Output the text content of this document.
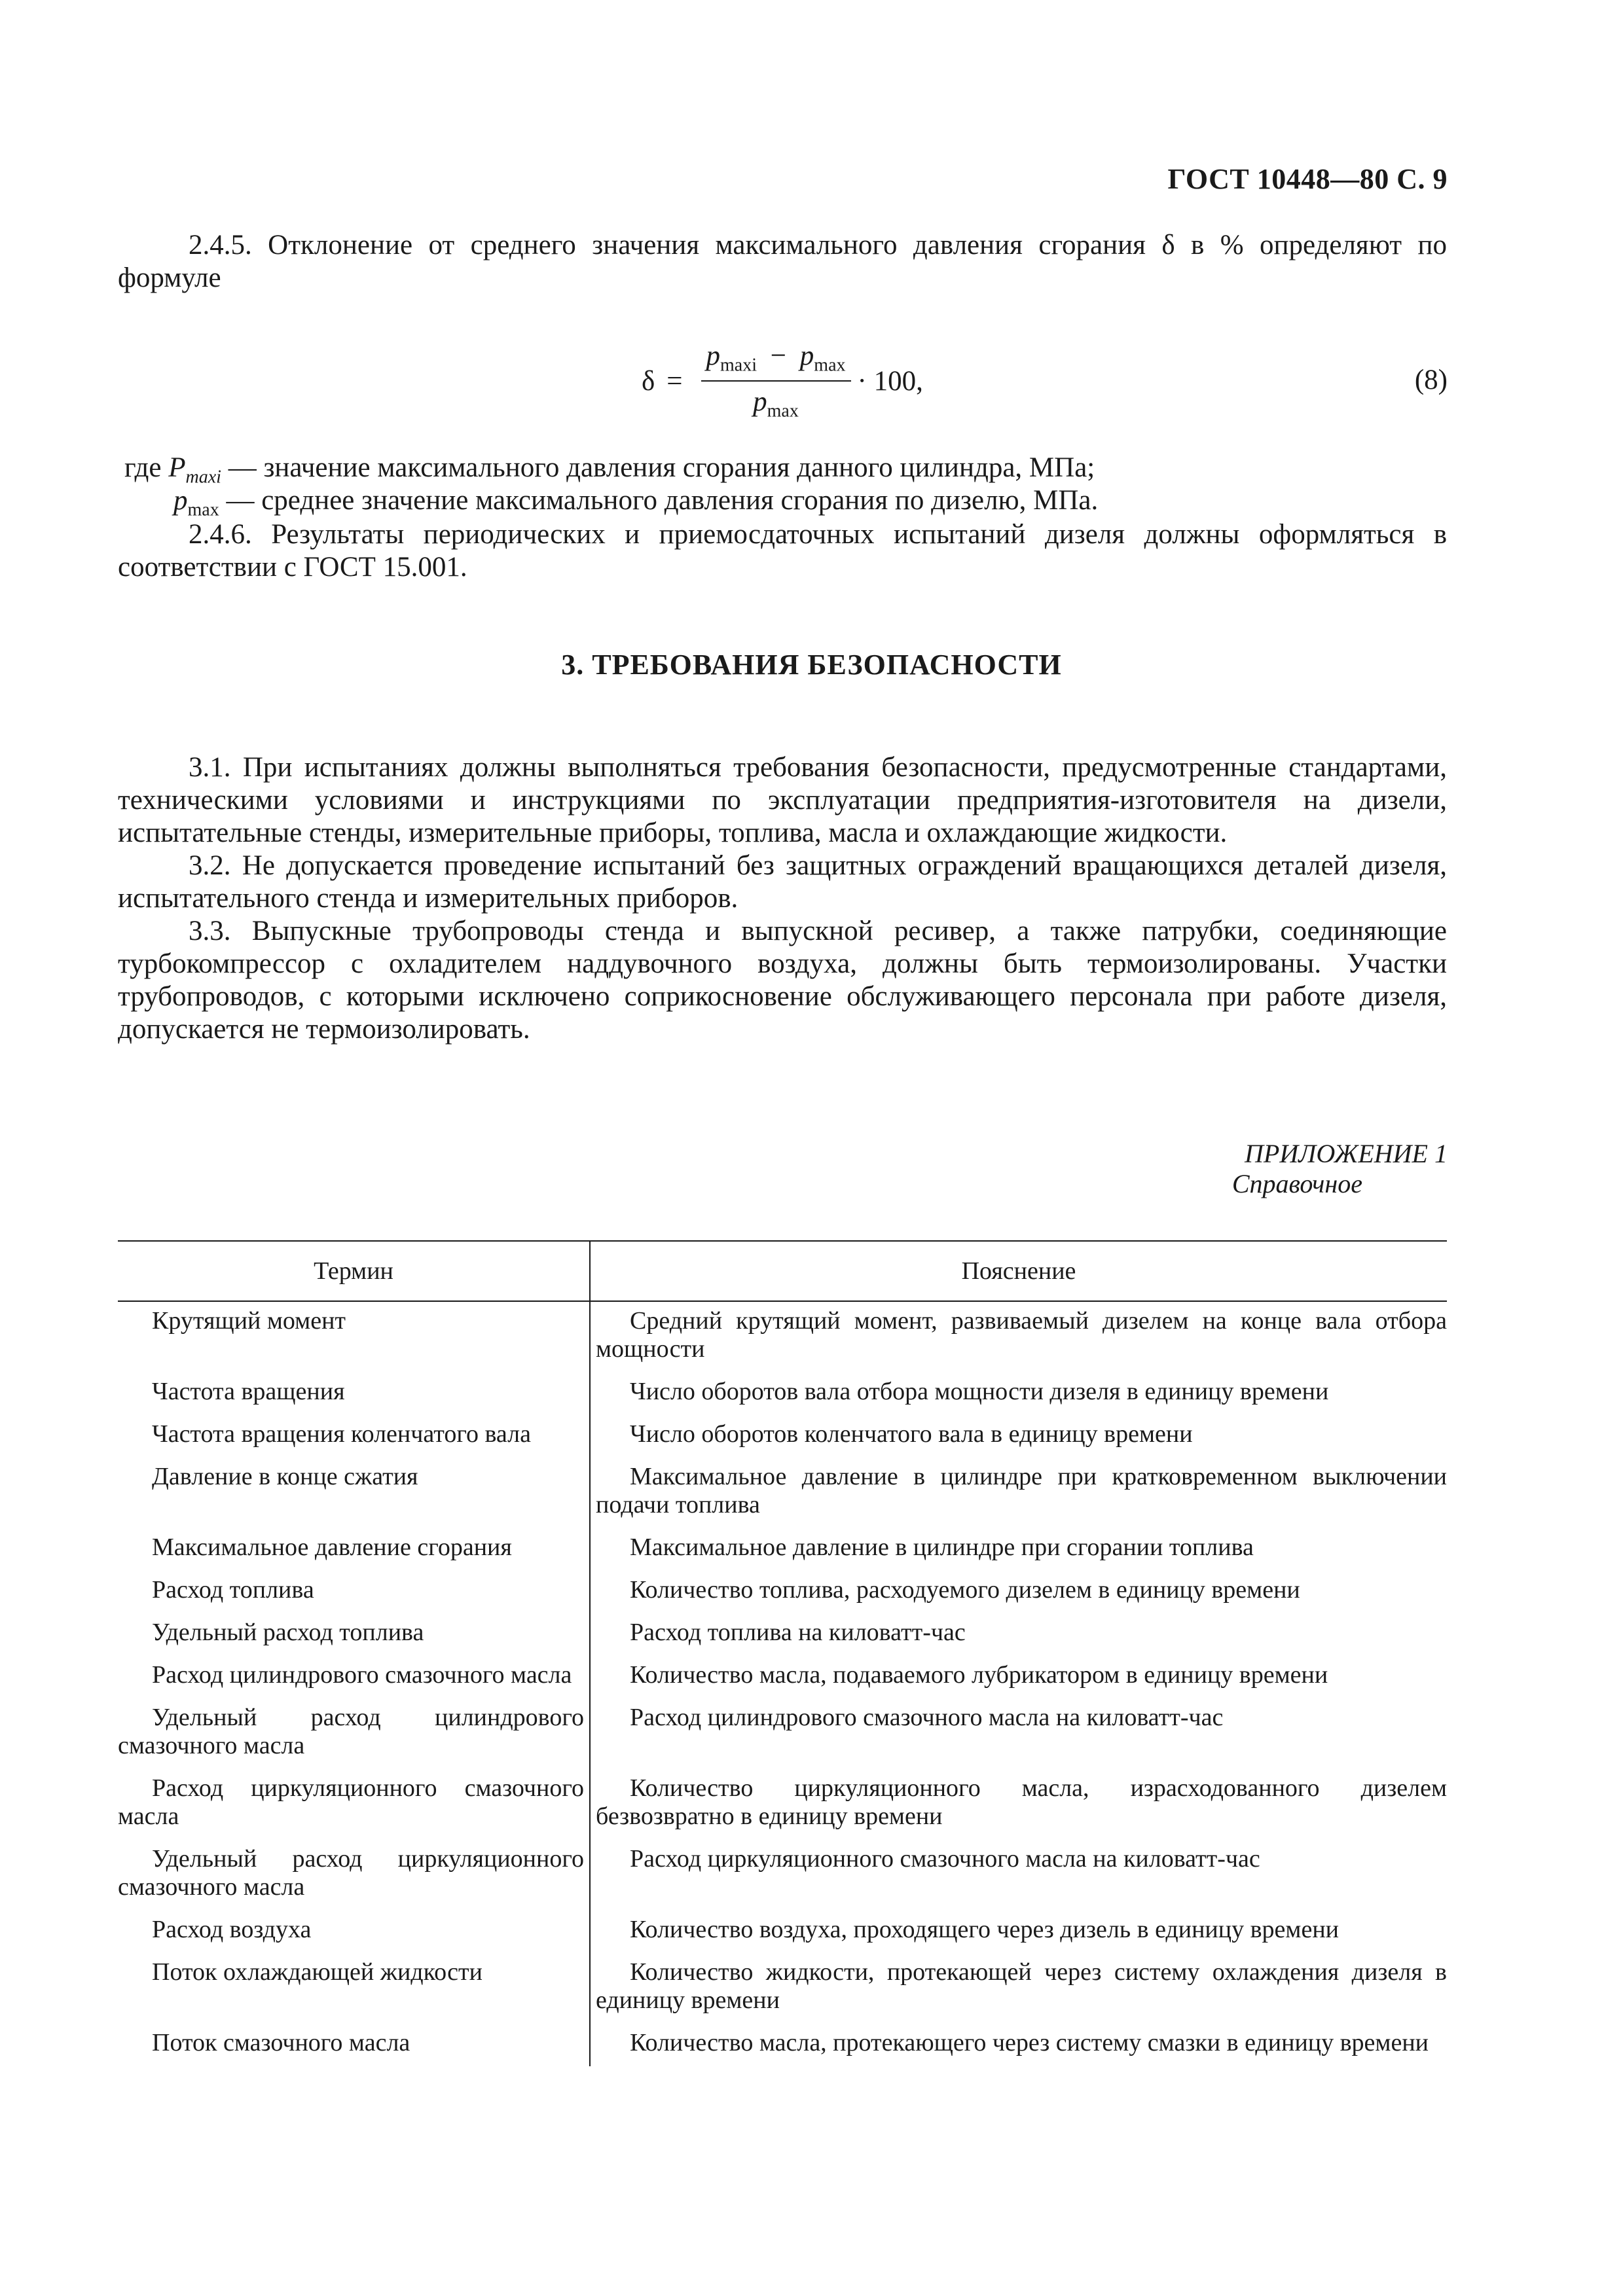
ГОСТ 10448—80 С. 9

2.4.5. Отклонение от среднего значения максимального давления сгорания δ в % определяют по формуле

$\delta = \frac{p_{maxi} - p_{max}}{p_{max}} \cdot 100$,	(8)

где $P_{maxi}$ — значение максимального давления сгорания данного цилиндра, МПа;

$p_{max}$ — среднее значение максимального давления сгорания по дизелю, МПа.

2.4.6. Результаты периодических и приемосдаточных испытаний дизеля должны оформляться в соответствии с ГОСТ 15.001.

3. ТРЕБОВАНИЯ БЕЗОПАСНОСТИ

3.1. При испытаниях должны выполняться требования безопасности, предусмотренные стандартами, техническими условиями и инструкциями по эксплуатации предприятия-изготовителя на дизели, испытательные стенды, измерительные приборы, топлива, масла и охлаждающие жидкости.

3.2. Не допускается проведение испытаний без защитных ограждений вращающихся деталей дизеля, испытательного стенда и измерительных приборов.

3.3. Выпускные трубопроводы стенда и выпускной ресивер, а также патрубки, соединяющие турбокомпрессор с охладителем наддувочного воздуха, должны быть термоизолированы. Участки трубопроводов, с которыми исключено соприкосновение обслуживающего персонала при работе дизеля, допускается не термоизолировать.

ПРИЛОЖЕНИЕ 1
Справочное
Термин	Пояснение

Крутящий момент	Средний крутящий момент, развиваемый дизелем на конце вала отбора мощности

Частота вращения	Число оборотов вала отбора мощности дизеля в единицу времени

Частота вращения коленчатого вала	Число оборотов коленчатого вала в единицу времени

Давление в конце сжатия	Максимальное давление в цилиндре при кратковременном выключении подачи топлива

Максимальное давление сгорания	Максимальное давление в цилиндре при сгорании топлива

Расход топлива	Количество топлива, расходуемого дизелем в единицу времени

Удельный расход топлива	Расход топлива на киловатт-час

Расход цилиндрового смазочного масла	Количество масла, подаваемого лубрикатором в единицу времени

Удельный расход цилиндрового смазочного масла	Расход цилиндрового смазочного масла на киловатт-час

Расход циркуляционного смазочного масла	Количество циркуляционного масла, израсходованного дизелем безвозвратно в единицу времени

Удельный расход циркуляционного смазочного масла	Расход циркуляционного смазочного масла на киловатт-час

Расход воздуха	Количество воздуха, проходящего через дизель в единицу времени

Поток охлаждающей жидкости	Количество жидкости, протекающей через систему охлаждения дизеля в единицу времени

Поток смазочного масла	Количество масла, протекающего через систему смазки в единицу времени
